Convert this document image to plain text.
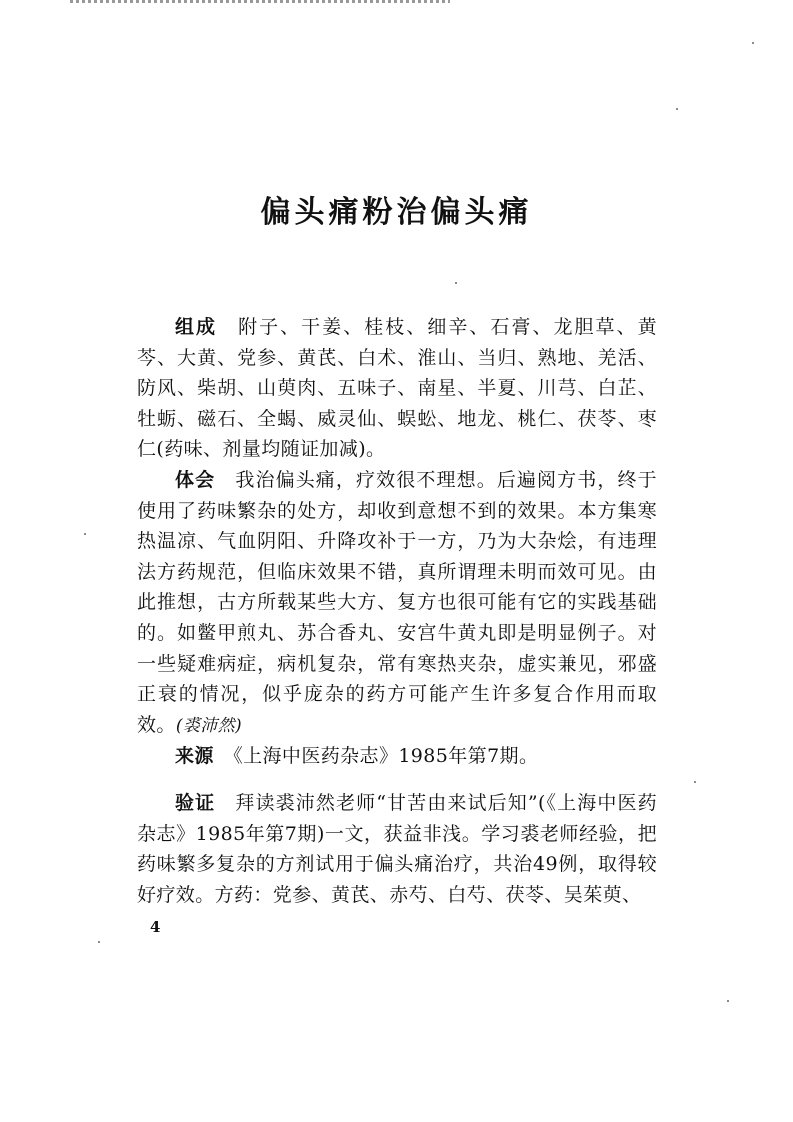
偏头痛粉治偏头痛

组成　 附子、干姜、桂枝、细辛、石膏、龙胆草、黄芩、大黄、党参、黄芪、白术、淮山、当归、熟地、羌活、防风、柴胡、山萸肉、五味子、南星、半夏、川芎、白芷、牡蛎、磁石、全蝎、威灵仙、蜈蚣、地龙、桃仁、茯苓、枣仁(药味、剂量均随证加减)。

体会　 我治偏头痛，疗效很不理想。后遍阅方书，终于使用了药味繁杂的处方，却收到意想不到的效果。本方集寒热温凉、气血阴阳、升降攻补于一方，乃为大杂烩，有违理法方药规范，但临床效果不错，真所谓理未明而效可见。由此推想，古方所载某些大方、复方也很可能有它的实践基础的。如鳖甲煎丸、苏合香丸、安宫牛黄丸即是明显例子。对一些疑难病症，病机复杂，常有寒热夹杂，虚实兼见，邪盛正衰的情况，似乎庞杂的药方可能产生许多复合作用而取效。(裘沛然)

来源　 《上海中医药杂志》1985年第7期。

验证　 拜读裘沛然老师“甘苦由来试后知”(《上海中医药杂志》1985年第7期)一文，获益非浅。学习裘老师经验，把药味繁多复杂的方剂试用于偏头痛治疗，共治49例，取得较好疗效。方药：党参、黄芪、赤芍、白芍、茯苓、吴茱萸、

4
